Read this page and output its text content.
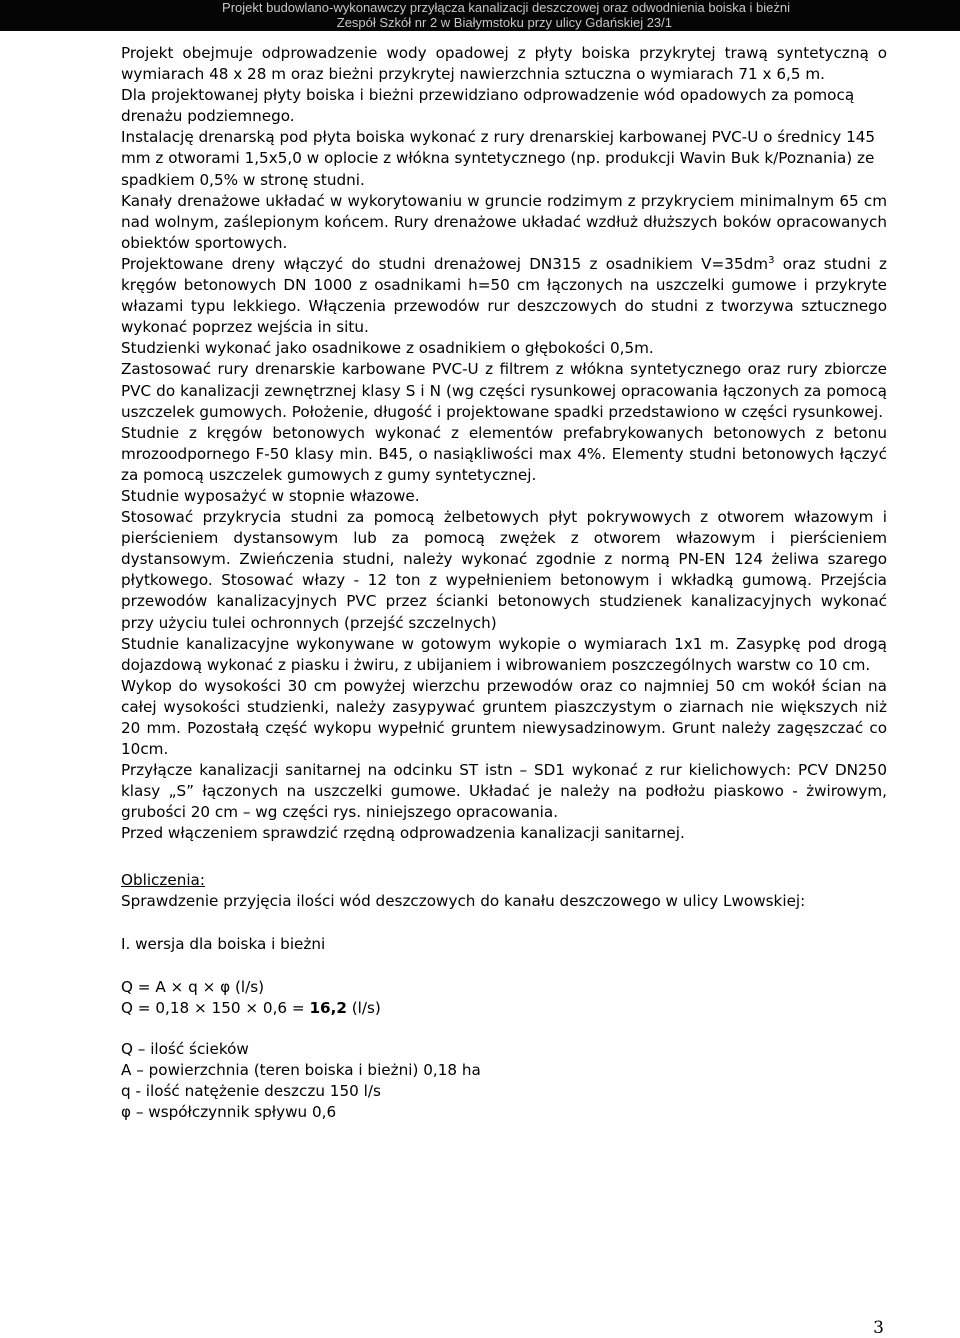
Projekt budowlano-wykonawczy przyłącza kanalizacji deszczowej oraz odwodnienia boiska i bieżni
Zespół Szkół nr 2 w Białymstoku przy ulicy Gdańskiej 23/1

Projekt obejmuje odprowadzenie wody opadowej z płyty boiska przykrytej trawą syntetyczną o wymiarach 48 x 28 m oraz bieżni przykrytej nawierzchnia sztuczna o wymiarach 71 x 6,5 m.

Dla projektowanej płyty boiska i bieżni przewidziano odprowadzenie wód opadowych za pomocą drenażu podziemnego.

Instalację drenarską pod płyta boiska wykonać z rury drenarskiej karbowanej PVC-U o średnicy 145 mm z otworami 1,5x5,0 w oplocie z włókna syntetycznego (np. produkcji Wavin Buk k/Poznania) ze spadkiem 0,5% w stronę studni.

Kanały drenażowe układać w wykorytowaniu w gruncie rodzimym z przykryciem minimalnym 65 cm nad wolnym, zaślepionym końcem. Rury drenażowe układać wzdłuż dłuższych boków opracowanych obiektów sportowych.

Projektowane dreny włączyć do studni drenażowej DN315 z osadnikiem $V=35dm^3$ oraz studni z kręgów betonowych DN 1000 z osadnikami h=50 cm łączonych na uszczelki gumowe i przykryte włazami typu lekkiego. Włączenia przewodów rur deszczowych do studni z tworzywa sztucznego wykonać poprzez wejścia in situ.

Studzienki wykonać jako osadnikowe z osadnikiem o głębokości 0,5m.

Zastosować rury drenarskie karbowane PVC-U z filtrem z włókna syntetycznego oraz rury zbiorcze PVC do kanalizacji zewnętrznej klasy S i N (wg części rysunkowej opracowania łączonych za pomocą uszczelek gumowych. Położenie, długość i projektowane spadki przedstawiono w części rysunkowej.

Studnie z kręgów betonowych wykonać z elementów prefabrykowanych betonowych z betonu mrozoodpornego F-50 klasy min. B45, o nasiąkliwości max 4%. Elementy studni betonowych łączyć za pomocą uszczelek gumowych z gumy syntetycznej.

Studnie wyposażyć w stopnie włazowe.

Stosować przykrycia studni za pomocą żelbetowych płyt pokrywowych z otworem włazowym i pierścieniem dystansowym lub za pomocą zwężek z otworem włazowym i pierścieniem dystansowym. Zwieńczenia studni, należy wykonać zgodnie z normą PN-EN 124 żeliwa szarego płytkowego. Stosować włazy - 12 ton z wypełnieniem betonowym i wkładką gumową. Przejścia przewodów kanalizacyjnych PVC przez ścianki betonowych studzienek kanalizacyjnych wykonać przy użyciu tulei ochronnych (przejść szczelnych)

Studnie kanalizacyjne wykonywane w gotowym wykopie o wymiarach 1x1 m. Zasypkę pod drogą dojazdową wykonać z piasku i żwiru, z ubijaniem i wibrowaniem poszczególnych warstw co 10 cm.

Wykop do wysokości 30 cm powyżej wierzchu przewodów oraz co najmniej 50 cm wokół ścian na całej wysokości studzienki, należy zasypywać gruntem piaszczystym o ziarnach nie większych niż 20 mm. Pozostałą część wykopu wypełnić gruntem niewysadzinowym. Grunt należy zagęszczać co 10cm.

Przyłącze kanalizacji sanitarnej na odcinku ST istn – SD1 wykonać z rur kielichowych: PCV DN250 klasy „S” łączonych na uszczelki gumowe. Układać je należy na podłożu piaskowo - żwirowym, grubości 20 cm – wg części rys. niniejszego opracowania.

Przed włączeniem sprawdzić rzędną odprowadzenia kanalizacji sanitarnej.

Obliczenia:

Sprawdzenie przyjęcia ilości wód deszczowych do kanału deszczowego w ulicy Lwowskiej:

I. wersja dla boiska i bieżni

Q = A × q × φ (l/s)

Q = 0,18 × 150 × 0,6 = 16,2 (l/s)

Q – ilość ścieków

A – powierzchnia (teren boiska i bieżni) 0,18 ha

q - ilość natężenie deszczu 150 l/s

φ – współczynnik spływu 0,6

3
